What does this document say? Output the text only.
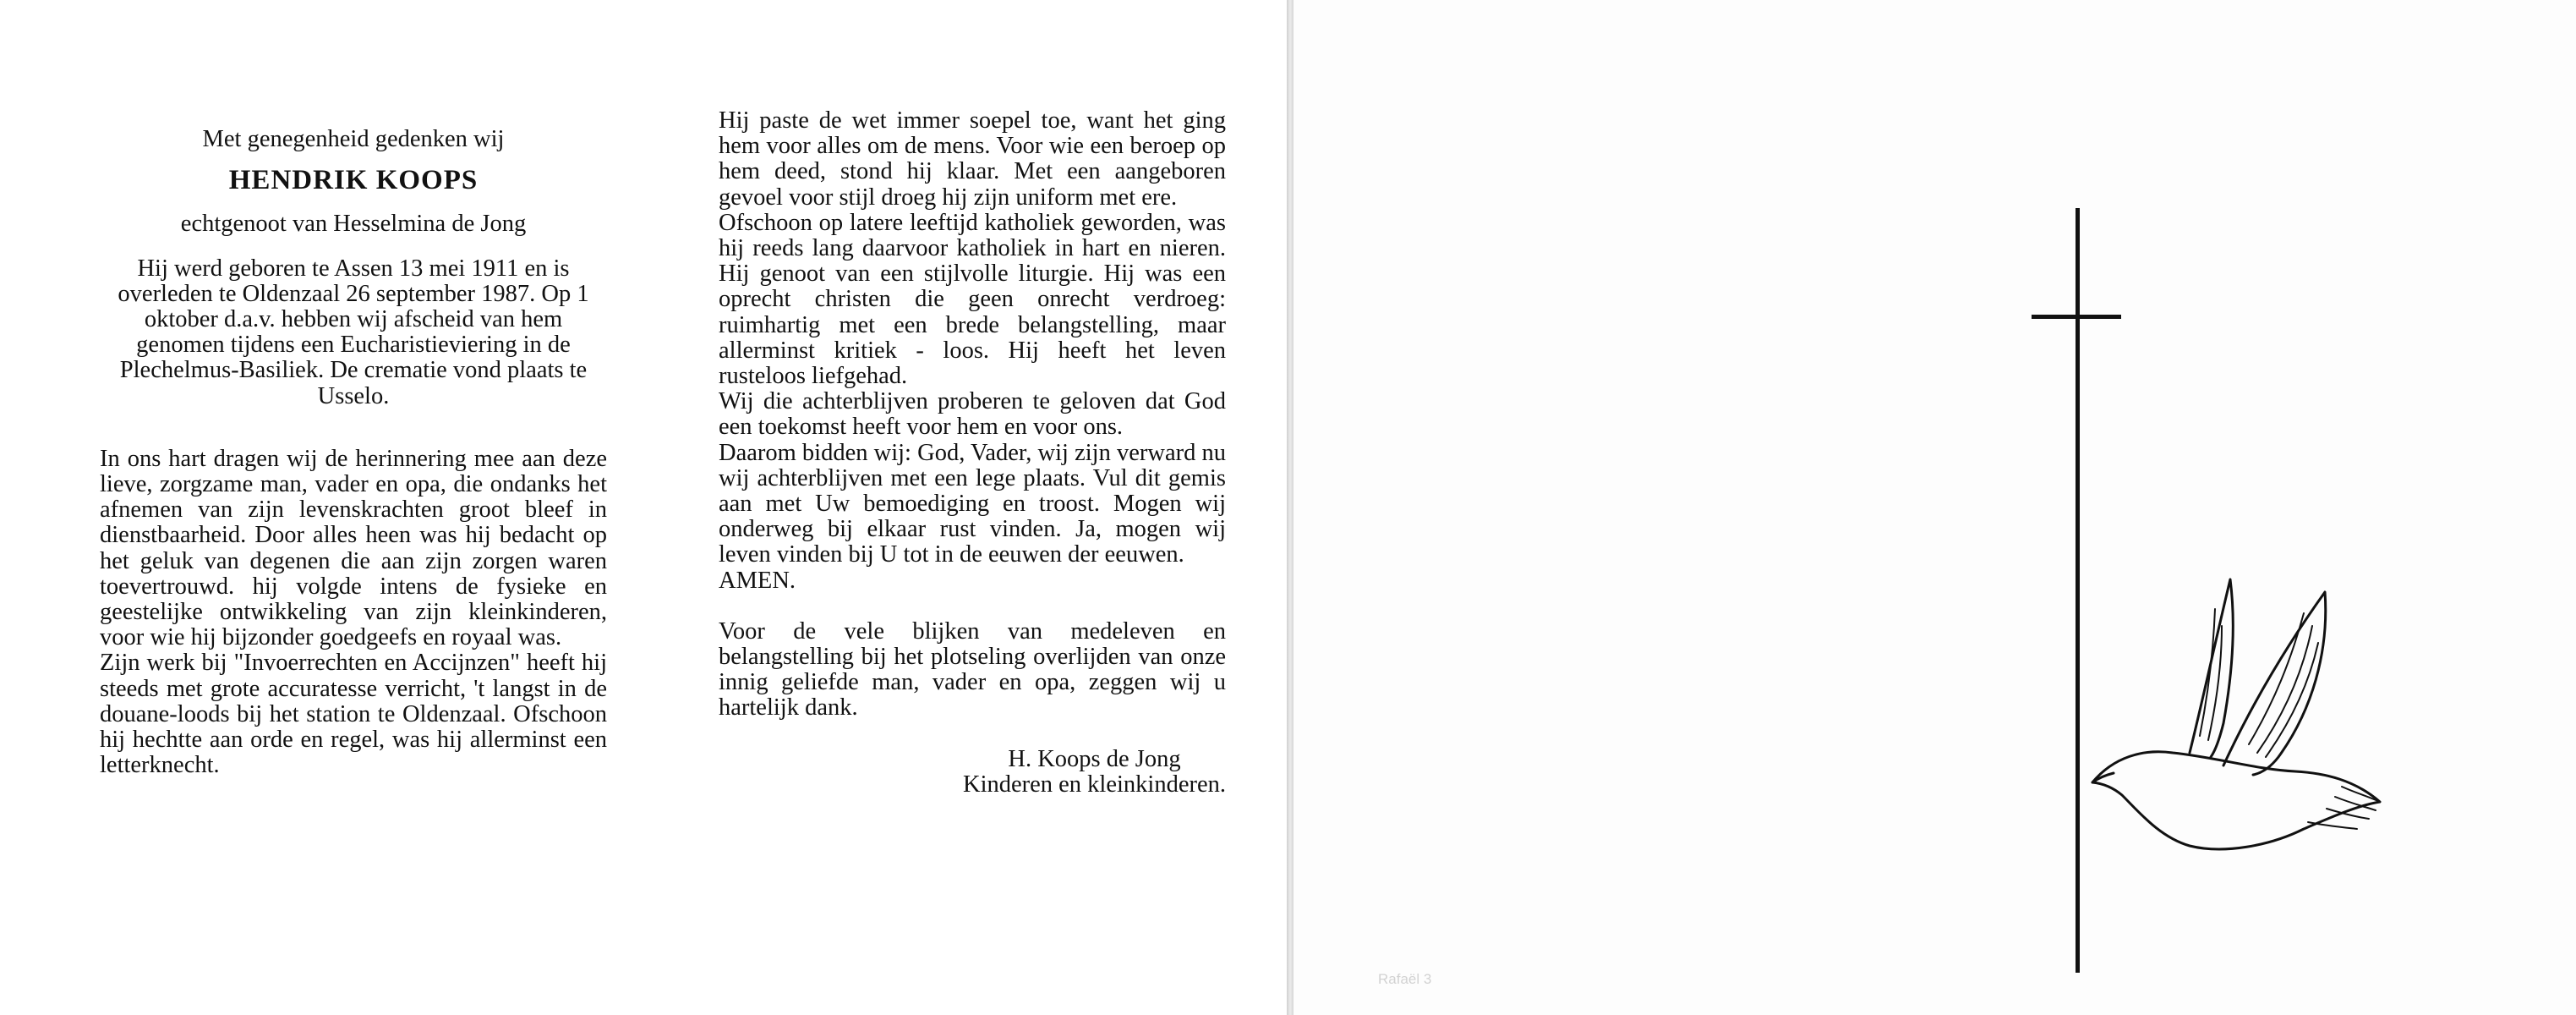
Met genegenheid gedenken wij
HENDRIK KOOPS
echtgenoot van Hesselmina de Jong
Hij werd geboren te Assen 13 mei 1911 en is overleden te Oldenzaal 26 september 1987. Op 1 oktober d.a.v. hebben wij afscheid van hem genomen tijdens een Eucharistieviering in de Plechelmus-Basiliek. De crematie vond plaats te Usselo.

In ons hart dragen wij de herinnering mee aan deze lieve, zorgzame man, vader en opa, die ondanks het afnemen van zijn levenskrachten groot bleef in dienstbaarheid. Door alles heen was hij bedacht op het geluk van degenen die aan zijn zorgen waren toevertrouwd. hij volgde intens de fysieke en geestelijke ontwikkeling van zijn kleinkinderen, voor wie hij bijzonder goedgeefs en royaal was.

Zijn werk bij "Invoerrechten en Accijnzen" heeft hij steeds met grote accuratesse verricht, 't langst in de douane-loods bij het station te Oldenzaal. Ofschoon hij hechtte aan orde en regel, was hij allerminst een letterknecht.

Hij paste de wet immer soepel toe, want het ging hem voor alles om de mens. Voor wie een beroep op hem deed, stond hij klaar. Met een aangeboren gevoel voor stijl droeg hij zijn uniform met ere.

Ofschoon op latere leeftijd katholiek geworden, was hij reeds lang daarvoor katholiek in hart en nieren. Hij genoot van een stijlvolle liturgie. Hij was een oprecht christen die geen onrecht verdroeg: ruimhartig met een brede belangstelling, maar allerminst kritiek - loos. Hij heeft het leven rusteloos liefgehad.

Wij die achterblijven proberen te geloven dat God een toekomst heeft voor hem en voor ons.

Daarom bidden wij: God, Vader, wij zijn verward nu wij achterblijven met een lege plaats. Vul dit gemis aan met Uw bemoediging en troost. Mogen wij onderweg bij elkaar rust vinden. Ja, mogen wij leven vinden bij U tot in de eeuwen der eeuwen.

AMEN.

Voor de vele blijken van medeleven en belangstelling bij het plotseling overlijden van onze innig geliefde man, vader en opa, zeggen wij u hartelijk dank.

H. Koops de Jong

Kinderen en kleinkinderen.

Rafaël 3
